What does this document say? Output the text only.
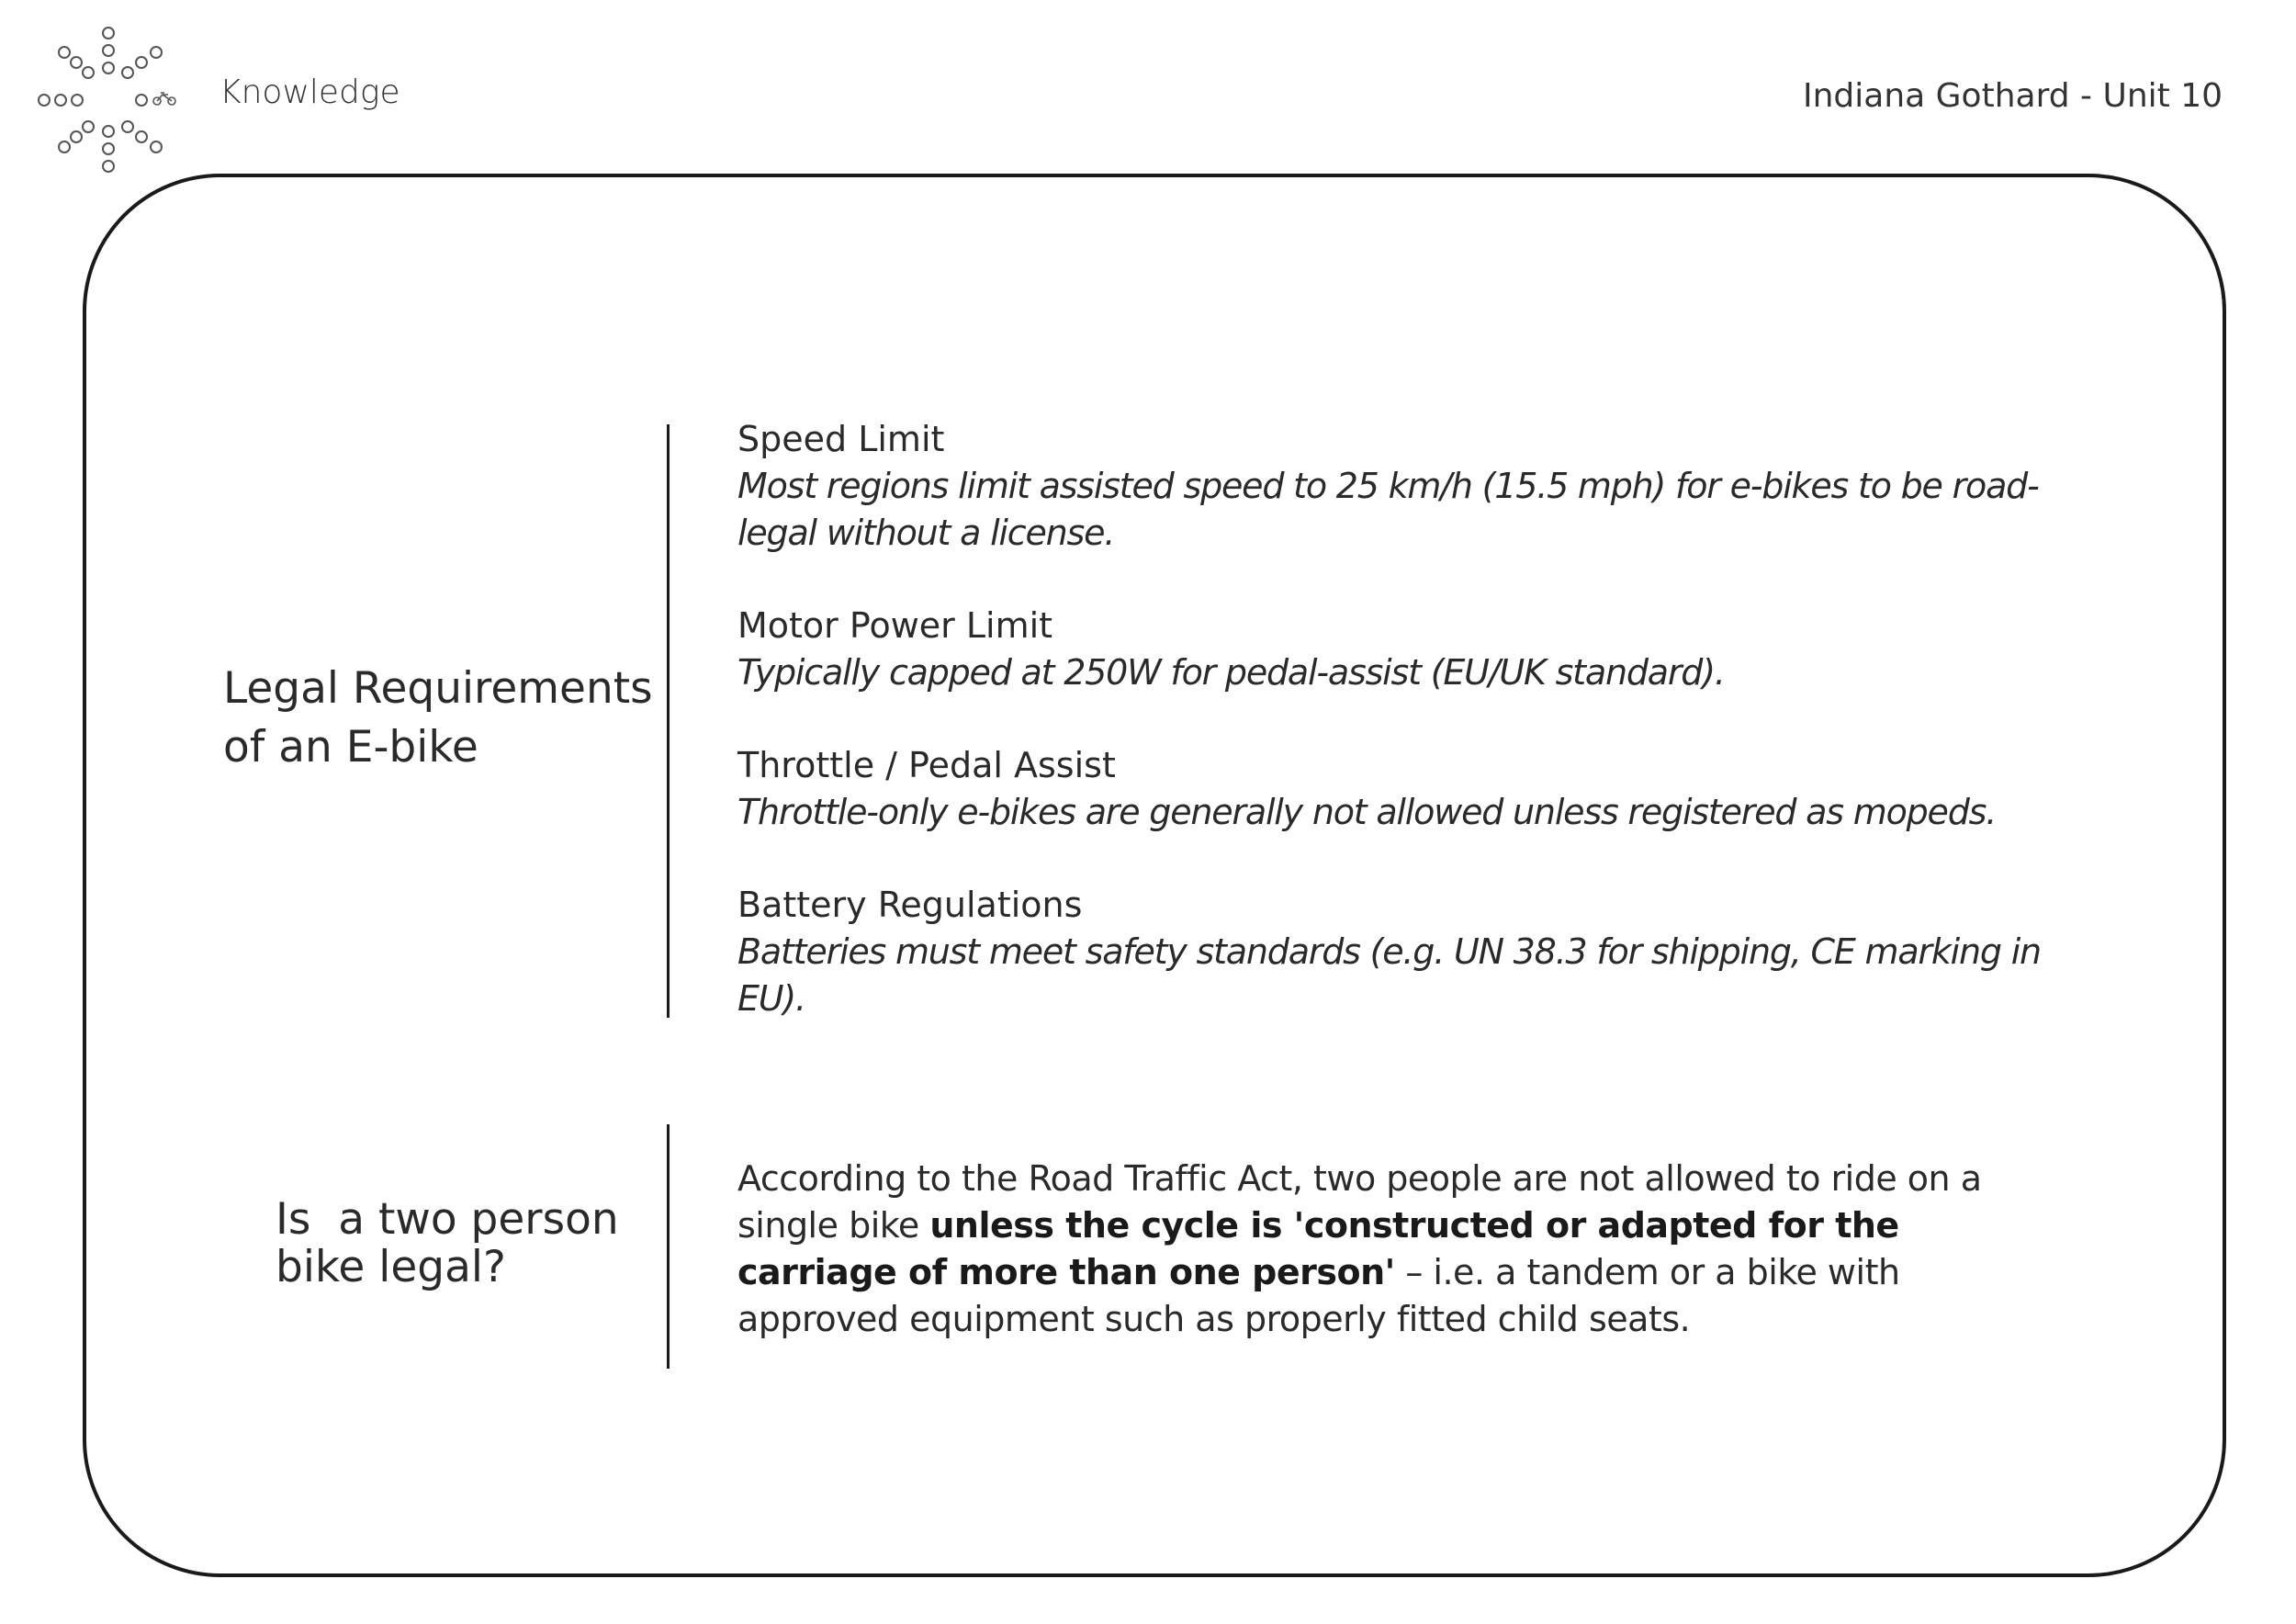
Knowledge	Indiana Gothard - Unit 10
Legal Requirements
of an E-bike
Speed Limit
Most regions limit assisted speed to 25 km/h (15.5 mph) for e-bikes to be road-legal without a license.
Motor Power Limit
Typically capped at 250W for pedal-assist (EU/UK standard).
Throttle / Pedal Assist
Throttle-only e-bikes are generally not allowed unless registered as mopeds.
Battery Regulations
Batteries must meet safety standards (e.g. UN 38.3 for shipping, CE marking in EU).
Is  a two person
bike legal?
According to the Road Traffic Act, two people are not allowed to ride on a single bike unless the cycle is 'constructed or adapted for the carriage of more than one person' – i.e. a tandem or a bike with approved equipment such as properly fitted child seats.
